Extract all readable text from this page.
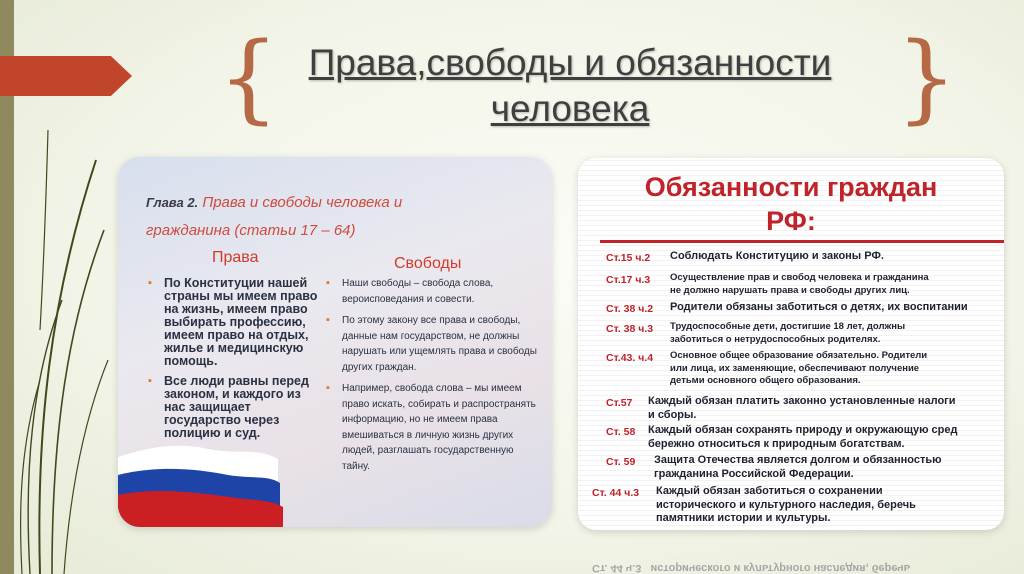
{	}
Права,свободы и обязанности человека
Глава 2. Права и свободы человека и гражданина (статьи 17 – 64)
Права	Свободы
▪ По Конституции нашей страны мы имеем право на жизнь, имеем право выбирать профессию, имеем право на отдых, жилье и медицинскую помощь.
▪ Все люди равны перед законом, и каждого из нас защищает государство через полицию и суд.
▪ Наши свободы – свобода слова, вероисповедания и совести.
▪ По этому закону все права и свободы, данные нам государством, не должны нарушать или ущемлять права и свободы других граждан.
▪ Например, свобода слова – мы имеем право искать, собирать и распространять информацию, но не имеем права вмешиваться в личную жизнь других людей, разглашать государственную тайну.
Обязанности граждан
РФ:
Ст.15 ч.2 Соблюдать Конституцию и законы РФ.
Ст.17 ч.3 Осуществление прав и свобод человека и гражданина
не должно нарушать права и свободы других лиц.
Ст. 38 ч.2 Родители обязаны заботиться о детях, их воспитании
Ст. 38 ч.3 Трудоспособные дети, достигшие 18 лет, должны
заботиться о нетрудоспособных родителях.
Ст.43. ч.4 Основное общее образование обязательно. Родители
или лица, их заменяющие, обеспечивают получение
детьми основного общего образования.
Ст.57 Каждый обязан платить законно установленные налоги
и сборы.
Ст. 58 Каждый обязан сохранять природу и окружающую сред
бережно относиться к природным богатствам.
Ст. 59 Защита Отечества является долгом и обязанностью
гражданина Российской Федерации.
Ст. 44 ч.3 Каждый обязан заботиться о сохранении
исторического и культурного наследия, беречь
памятники истории и культуры.
Ст. 44 ч.3 исторического и культурного наследия, беречь
